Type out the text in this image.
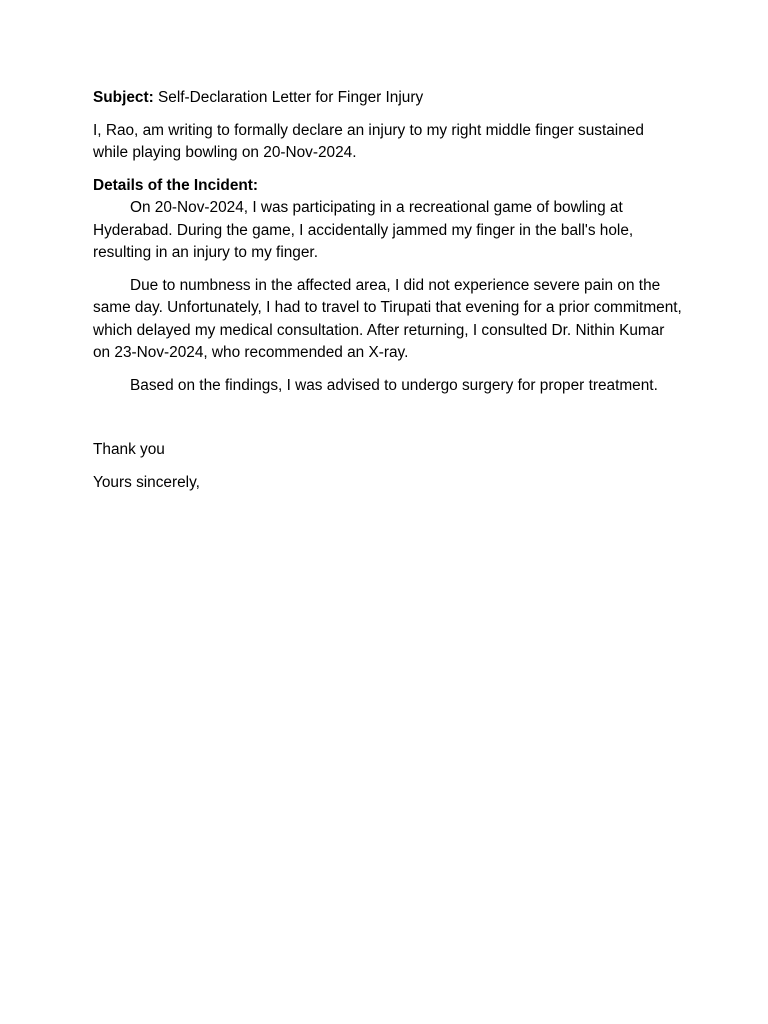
Subject: Self-Declaration Letter for Finger Injury

I, Rao, am writing to formally declare an injury to my right middle finger sustained while playing bowling on 20-Nov-2024.

Details of the Incident:

On 20-Nov-2024, I was participating in a recreational game of bowling at Hyderabad. During the game, I accidentally jammed my finger in the ball's hole, resulting in an injury to my finger.

Due to numbness in the affected area, I did not experience severe pain on the same day. Unfortunately, I had to travel to Tirupati that evening for a prior commitment, which delayed my medical consultation. After returning, I consulted Dr. Nithin Kumar on 23-Nov-2024, who recommended an X-ray.

Based on the findings, I was advised to undergo surgery for proper treatment.

Thank you

Yours sincerely,
